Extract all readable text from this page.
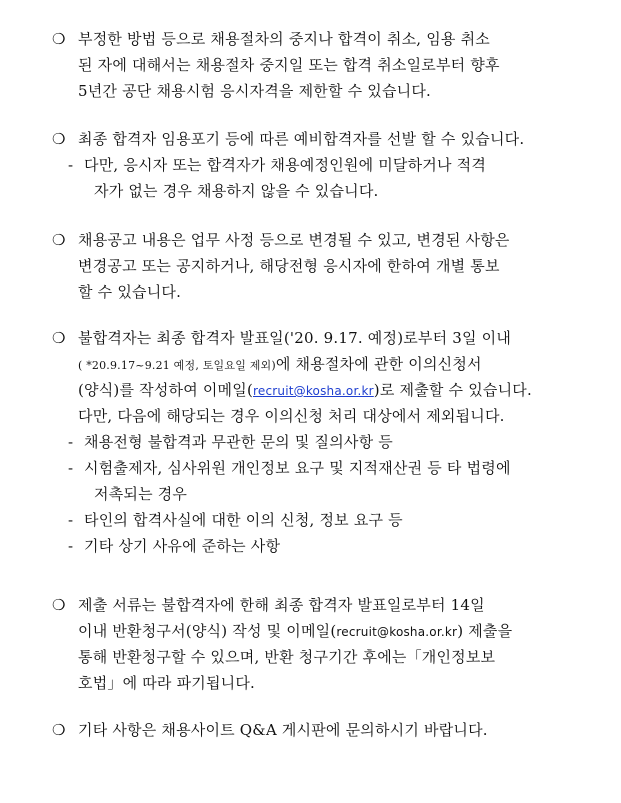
❍ 부정한 방법 등으로 채용절차의 중지나 합격이 취소, 임용 취소
된 자에 대해서는 채용절차 중지일 또는 합격 취소일로부터 향후
5년간 공단 채용시험 응시자격을 제한할 수 있습니다.
❍ 최종 합격자 임용포기 등에 따른 예비합격자를 선발 할 수 있습니다.
- 다만, 응시자 또는 합격자가 채용예정인원에 미달하거나 적격
자가 없는 경우 채용하지 않을 수 있습니다.
❍ 채용공고 내용은 업무 사정 등으로 변경될 수 있고, 변경된 사항은
변경공고 또는 공지하거나, 해당전형 응시자에 한하여 개별 통보
할 수 있습니다.
❍ 불합격자는 최종 합격자 발표일('20. 9.17. 예정)로부터 3일 이내
( *20.9.17~9.21 예정, 토일요일 제외)에 채용절차에 관한 이의신청서
(양식)를 작성하여 이메일(recruit@kosha.or.kr)로 제출할 수 있습니다.
다만, 다음에 해당되는 경우 이의신청 처리 대상에서 제외됩니다.
- 채용전형 불합격과 무관한 문의 및 질의사항 등
- 시험출제자, 심사위원 개인정보 요구 및 지적재산권 등 타 법령에
저촉되는 경우
- 타인의 합격사실에 대한 이의 신청, 정보 요구 등
- 기타 상기 사유에 준하는 사항
❍ 제출 서류는 불합격자에 한해 최종 합격자 발표일로부터 14일
이내 반환청구서(양식) 작성 및 이메일(recruit@kosha.or.kr) 제출을
통해 반환청구할 수 있으며, 반환 청구기간 후에는「개인정보보
호법」에 따라 파기됩니다.
❍ 기타 사항은 채용사이트 Q&A 게시판에 문의하시기 바랍니다.
